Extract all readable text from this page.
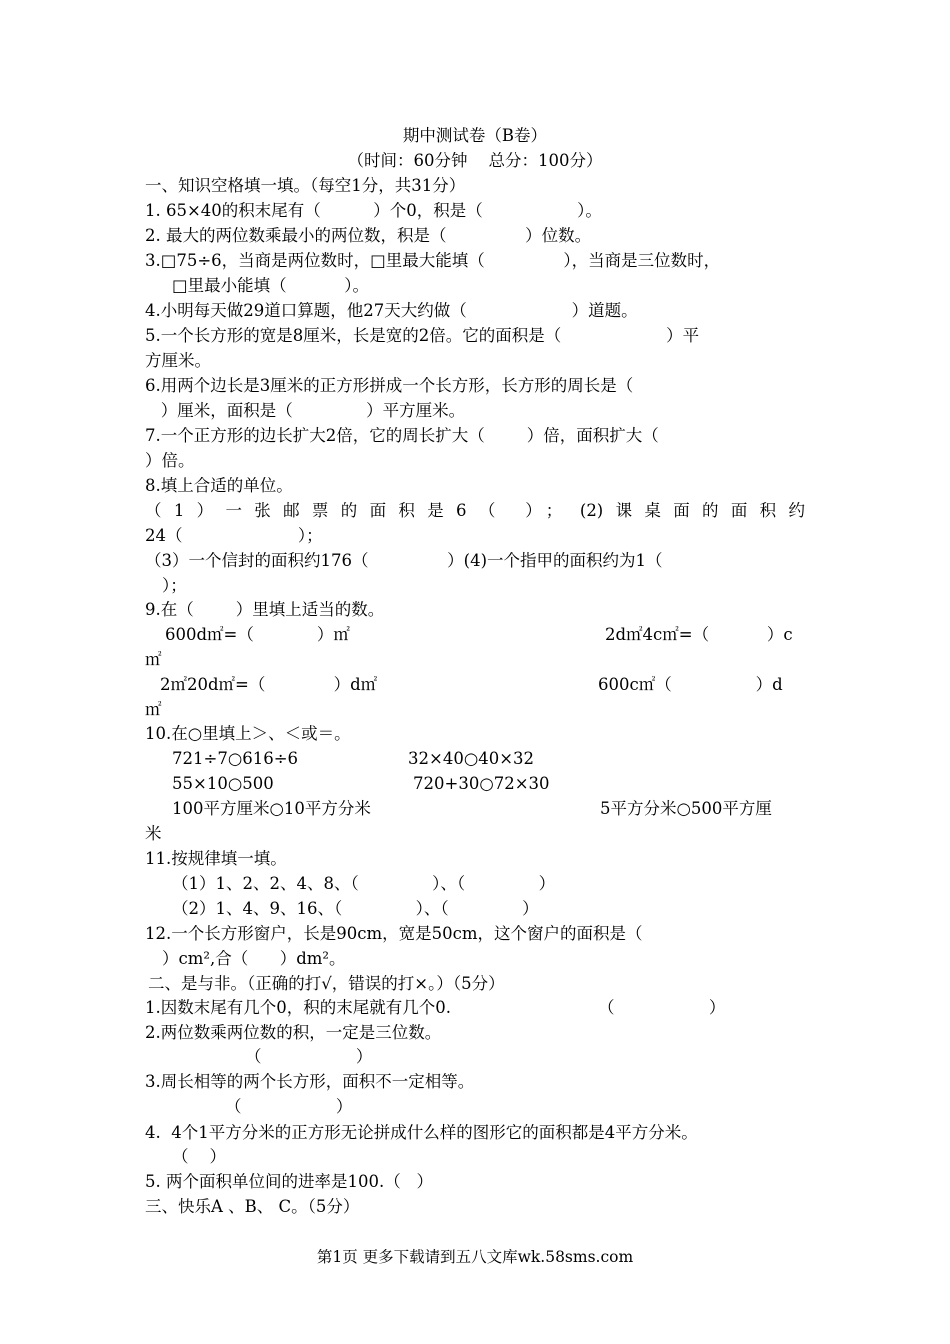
期中测试卷（B卷）
（时间：60分钟    总分：100分）
一、知识空格填一填。（每空1分，共31分）
1. 65×40的积末尾有（          ）个0，积是（                  ）。
2. 最大的两位数乘最小的两位数，积是（               ）位数。
3.□75÷6，当商是两位数时，□里最大能填（               ），当商是三位数时，
□里最小能填（           ）。
4.小明每天做29道口算题，他27天大约做（                    ）道题。
5.一个长方形的宽是8厘米，长是宽的2倍。它的面积是（                    ）平
方厘米。
6.用两个边长是3厘米的正方形拼成一个长方形，长方形的周长是（
）厘米，面积是（              ）平方厘米。
7.一个正方形的边长扩大2倍，它的周长扩大（        ）倍，面积扩大（
）倍。
8.填上合适的单位。
（1）一张邮票的面积是6（ ）； (2)课桌面的面积约
24（                      ）；
（3）一个信封的面积约176（               ）(4)一个指甲的面积约为1（
）；
9.在（        ）里填上适当的数。
600d㎡=（            ）㎡	2d㎡4c㎡=（           ）c
㎡
2㎡20d㎡=（             ）d㎡	600c㎡（                ）d
㎡
10.在○里填上＞、＜或＝。
721÷7○616÷6	32×40○40×32
55×10○500	720+30○72×30
100平方厘米○10平方分米	5平方分米○500平方厘
米
11.按规律填一填。
（1）1、2、2、4、8、（              ）、（              ）
（2）1、4、9、16、（              ）、（              ）
12.一个长方形窗户，长是90cm，宽是50cm，这个窗户的面积是（
）cm²,合（      ）dm²。
二、是与非。（正确的打√，错误的打×。）（5分）
1.因数末尾有几个0，积的末尾就有几个0.	（                  ）
2.两位数乘两位数的积，一定是三位数。
（                  ）
3.周长相等的两个长方形，面积不一定相等。
（                  ）
4.  4个1平方分米的正方形无论拼成什么样的图形它的面积都是4平方分米。
（    ）
5. 两个面积单位间的进率是100.（   ）
三、快乐A 、B、 C。（5分）
第1页 更多下载请到五八文库wk.58sms.com
